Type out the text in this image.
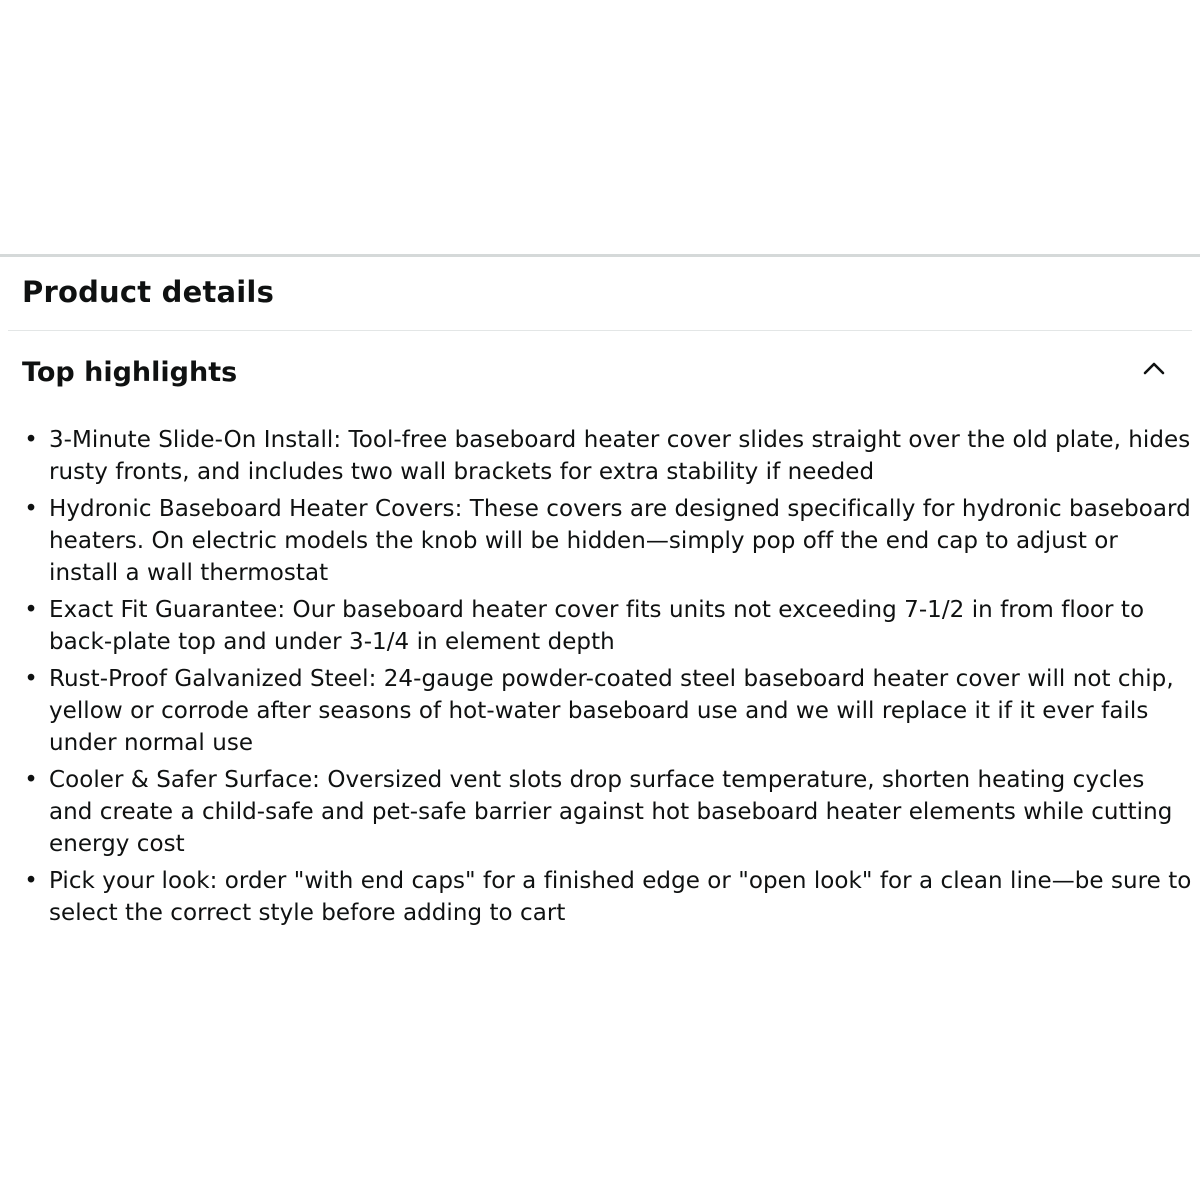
Product details
Top highlights
• 3-Minute Slide-On Install: Tool-free baseboard heater cover slides straight over the old plate, hides rusty fronts, and includes two wall brackets for extra stability if needed
• Hydronic Baseboard Heater Covers: These covers are designed specifically for hydronic baseboard heaters. On electric models the knob will be hidden—simply pop off the end cap to adjust or install a wall thermostat
• Exact Fit Guarantee: Our baseboard heater cover fits units not exceeding 7-1/2 in from floor to back-plate top and under 3-1/4 in element depth
• Rust-Proof Galvanized Steel: 24-gauge powder-coated steel baseboard heater cover will not chip, yellow or corrode after seasons of hot-water baseboard use and we will replace it if it ever fails under normal use
• Cooler & Safer Surface: Oversized vent slots drop surface temperature, shorten heating cycles and create a child-safe and pet-safe barrier against hot baseboard heater elements while cutting energy cost
• Pick your look: order "with end caps" for a finished edge or "open look" for a clean line—be sure to select the correct style before adding to cart
